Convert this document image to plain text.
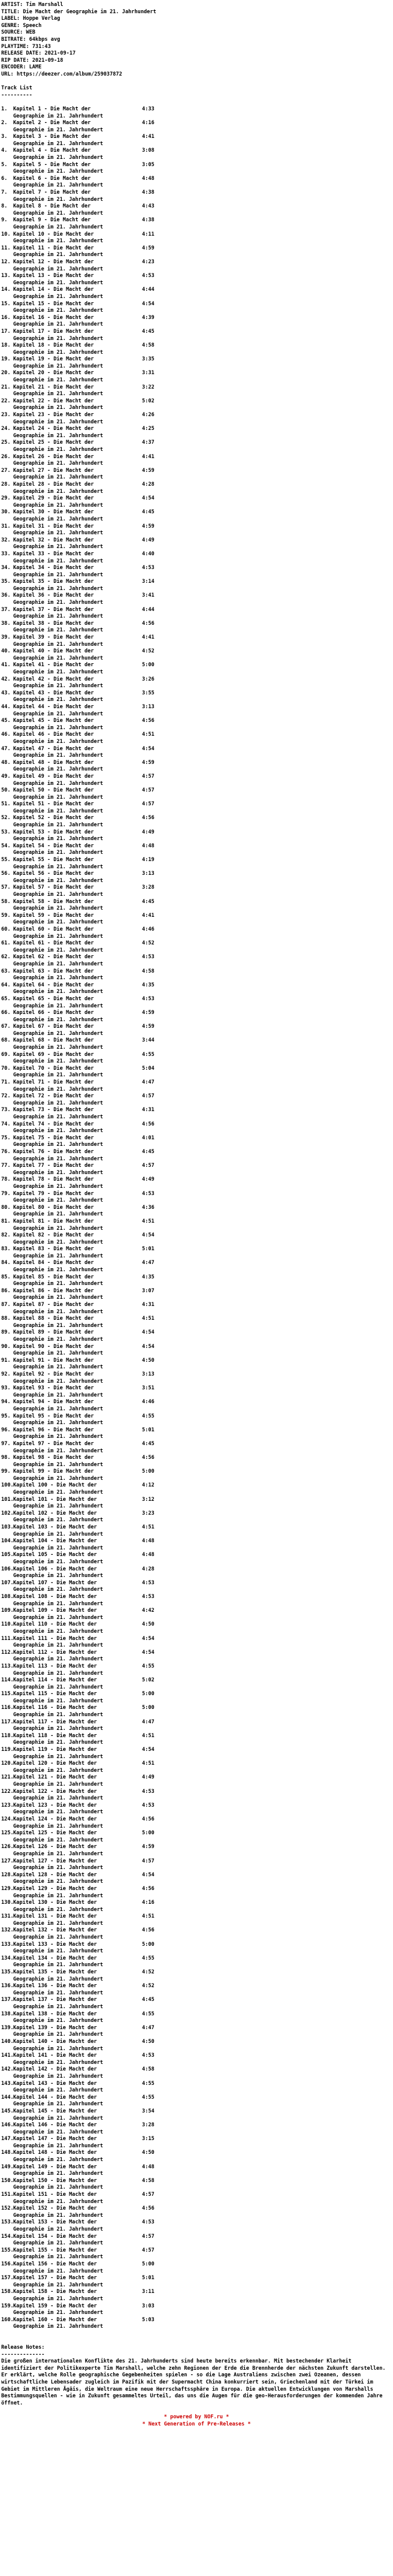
ARTIST: Tim Marshall
TITLE: Die Macht der Geographie im 21. Jahrhundert
LABEL: Hoppe Verlag
GENRE: Speech
SOURCE: WEB
BITRATE: 64kbps avg
PLAYTIME: 731:43
RELEASE DATE: 2021-09-17
RIP DATE: 2021-09-18
ENCODER: LAME
URL: https://deezer.com/album/259037872
Track List
----------
1. Kapitel 1 - Die Macht der Geographie im 21. Jahrhundert
4:33
2. Kapitel 2 - Die Macht der Geographie im 21. Jahrhundert
4:16
3. Kapitel 3 - Die Macht der Geographie im 21. Jahrhundert
4:41
4. Kapitel 4 - Die Macht der Geographie im 21. Jahrhundert
3:08
5. Kapitel 5 - Die Macht der Geographie im 21. Jahrhundert
3:05
6. Kapitel 6 - Die Macht der Geographie im 21. Jahrhundert
4:48
7. Kapitel 7 - Die Macht der Geographie im 21. Jahrhundert
4:38
8. Kapitel 8 - Die Macht der Geographie im 21. Jahrhundert
4:43
9. Kapitel 9 - Die Macht der Geographie im 21. Jahrhundert
4:38
10. Kapitel 10 - Die Macht der Geographie im 21. Jahrhundert
4:11
11. Kapitel 11 - Die Macht der Geographie im 21. Jahrhundert
4:59
12. Kapitel 12 - Die Macht der Geographie im 21. Jahrhundert
4:23
13. Kapitel 13 - Die Macht der Geographie im 21. Jahrhundert
4:53
14. Kapitel 14 - Die Macht der Geographie im 21. Jahrhundert
4:44
15. Kapitel 15 - Die Macht der Geographie im 21. Jahrhundert
4:54
16. Kapitel 16 - Die Macht der Geographie im 21. Jahrhundert
4:39
17. Kapitel 17 - Die Macht der Geographie im 21. Jahrhundert
4:45
18. Kapitel 18 - Die Macht der Geographie im 21. Jahrhundert
4:58
19. Kapitel 19 - Die Macht der Geographie im 21. Jahrhundert
3:35
20. Kapitel 20 - Die Macht der Geographie im 21. Jahrhundert
3:31
21. Kapitel 21 - Die Macht der Geographie im 21. Jahrhundert
3:22
22. Kapitel 22 - Die Macht der Geographie im 21. Jahrhundert
5:02
23. Kapitel 23 - Die Macht der Geographie im 21. Jahrhundert
4:26
24. Kapitel 24 - Die Macht der Geographie im 21. Jahrhundert
4:25
25. Kapitel 25 - Die Macht der Geographie im 21. Jahrhundert
4:37
26. Kapitel 26 - Die Macht der Geographie im 21. Jahrhundert
4:41
27. Kapitel 27 - Die Macht der Geographie im 21. Jahrhundert
4:59
28. Kapitel 28 - Die Macht der Geographie im 21. Jahrhundert
4:28
29. Kapitel 29 - Die Macht der Geographie im 21. Jahrhundert
4:54
30. Kapitel 30 - Die Macht der Geographie im 21. Jahrhundert
4:45
31. Kapitel 31 - Die Macht der Geographie im 21. Jahrhundert
4:59
32. Kapitel 32 - Die Macht der Geographie im 21. Jahrhundert
4:49
33. Kapitel 33 - Die Macht der Geographie im 21. Jahrhundert
4:40
34. Kapitel 34 - Die Macht der Geographie im 21. Jahrhundert
4:53
35. Kapitel 35 - Die Macht der Geographie im 21. Jahrhundert
3:14
36. Kapitel 36 - Die Macht der Geographie im 21. Jahrhundert
3:41
37. Kapitel 37 - Die Macht der Geographie im 21. Jahrhundert
4:44
38. Kapitel 38 - Die Macht der Geographie im 21. Jahrhundert
4:56
39. Kapitel 39 - Die Macht der Geographie im 21. Jahrhundert
4:41
40. Kapitel 40 - Die Macht der Geographie im 21. Jahrhundert
4:52
41. Kapitel 41 - Die Macht der Geographie im 21. Jahrhundert
5:00
42. Kapitel 42 - Die Macht der Geographie im 21. Jahrhundert
3:26
43. Kapitel 43 - Die Macht der Geographie im 21. Jahrhundert
3:55
44. Kapitel 44 - Die Macht der Geographie im 21. Jahrhundert
3:13
45. Kapitel 45 - Die Macht der Geographie im 21. Jahrhundert
4:56
46. Kapitel 46 - Die Macht der Geographie im 21. Jahrhundert
4:51
47. Kapitel 47 - Die Macht der Geographie im 21. Jahrhundert
4:54
48. Kapitel 48 - Die Macht der Geographie im 21. Jahrhundert
4:59
49. Kapitel 49 - Die Macht der Geographie im 21. Jahrhundert
4:57
50. Kapitel 50 - Die Macht der Geographie im 21. Jahrhundert
4:57
51. Kapitel 51 - Die Macht der Geographie im 21. Jahrhundert
4:57
52. Kapitel 52 - Die Macht der Geographie im 21. Jahrhundert
4:56
53. Kapitel 53 - Die Macht der Geographie im 21. Jahrhundert
4:49
54. Kapitel 54 - Die Macht der Geographie im 21. Jahrhundert
4:48
55. Kapitel 55 - Die Macht der Geographie im 21. Jahrhundert
4:19
56. Kapitel 56 - Die Macht der Geographie im 21. Jahrhundert
3:13
57. Kapitel 57 - Die Macht der Geographie im 21. Jahrhundert
3:28
58. Kapitel 58 - Die Macht der Geographie im 21. Jahrhundert
4:45
59. Kapitel 59 - Die Macht der Geographie im 21. Jahrhundert
4:41
60. Kapitel 60 - Die Macht der Geographie im 21. Jahrhundert
4:46
61. Kapitel 61 - Die Macht der Geographie im 21. Jahrhundert
4:52
62. Kapitel 62 - Die Macht der Geographie im 21. Jahrhundert
4:53
63. Kapitel 63 - Die Macht der Geographie im 21. Jahrhundert
4:58
64. Kapitel 64 - Die Macht der Geographie im 21. Jahrhundert
4:35
65. Kapitel 65 - Die Macht der Geographie im 21. Jahrhundert
4:53
66. Kapitel 66 - Die Macht der Geographie im 21. Jahrhundert
4:59
67. Kapitel 67 - Die Macht der Geographie im 21. Jahrhundert
4:59
68. Kapitel 68 - Die Macht der Geographie im 21. Jahrhundert
3:44
69. Kapitel 69 - Die Macht der Geographie im 21. Jahrhundert
4:55
70. Kapitel 70 - Die Macht der Geographie im 21. Jahrhundert
5:04
71. Kapitel 71 - Die Macht der Geographie im 21. Jahrhundert
4:47
72. Kapitel 72 - Die Macht der Geographie im 21. Jahrhundert
4:57
73. Kapitel 73 - Die Macht der Geographie im 21. Jahrhundert
4:31
74. Kapitel 74 - Die Macht der Geographie im 21. Jahrhundert
4:56
75. Kapitel 75 - Die Macht der Geographie im 21. Jahrhundert
4:01
76. Kapitel 76 - Die Macht der Geographie im 21. Jahrhundert
4:45
77. Kapitel 77 - Die Macht der Geographie im 21. Jahrhundert
4:57
78. Kapitel 78 - Die Macht der Geographie im 21. Jahrhundert
4:49
79. Kapitel 79 - Die Macht der Geographie im 21. Jahrhundert
4:53
80. Kapitel 80 - Die Macht der Geographie im 21. Jahrhundert
4:36
81. Kapitel 81 - Die Macht der Geographie im 21. Jahrhundert
4:51
82. Kapitel 82 - Die Macht der Geographie im 21. Jahrhundert
4:54
83. Kapitel 83 - Die Macht der Geographie im 21. Jahrhundert
5:01
84. Kapitel 84 - Die Macht der Geographie im 21. Jahrhundert
4:47
85. Kapitel 85 - Die Macht der Geographie im 21. Jahrhundert
4:35
86. Kapitel 86 - Die Macht der Geographie im 21. Jahrhundert
3:07
87. Kapitel 87 - Die Macht der Geographie im 21. Jahrhundert
4:31
88. Kapitel 88 - Die Macht der Geographie im 21. Jahrhundert
4:51
89. Kapitel 89 - Die Macht der Geographie im 21. Jahrhundert
4:54
90. Kapitel 90 - Die Macht der Geographie im 21. Jahrhundert
4:54
91. Kapitel 91 - Die Macht der Geographie im 21. Jahrhundert
4:50
92. Kapitel 92 - Die Macht der Geographie im 21. Jahrhundert
3:13
93. Kapitel 93 - Die Macht der Geographie im 21. Jahrhundert
3:51
94. Kapitel 94 - Die Macht der Geographie im 21. Jahrhundert
4:46
95. Kapitel 95 - Die Macht der Geographie im 21. Jahrhundert
4:55
96. Kapitel 96 - Die Macht der Geographie im 21. Jahrhundert
5:01
97. Kapitel 97 - Die Macht der Geographie im 21. Jahrhundert
4:45
98. Kapitel 98 - Die Macht der Geographie im 21. Jahrhundert
4:56
99. Kapitel 99 - Die Macht der Geographie im 21. Jahrhundert
5:00
100. Kapitel 100 - Die Macht der Geographie im 21. Jahrhundert
4:12
101. Kapitel 101 - Die Macht der Geographie im 21. Jahrhundert
3:12
102. Kapitel 102 - Die Macht der Geographie im 21. Jahrhundert
3:23
103. Kapitel 103 - Die Macht der Geographie im 21. Jahrhundert
4:51
104. Kapitel 104 - Die Macht der Geographie im 21. Jahrhundert
4:48
105. Kapitel 105 - Die Macht der Geographie im 21. Jahrhundert
4:48
106. Kapitel 106 - Die Macht der Geographie im 21. Jahrhundert
4:28
107. Kapitel 107 - Die Macht der Geographie im 21. Jahrhundert
4:53
108. Kapitel 108 - Die Macht der Geographie im 21. Jahrhundert
4:53
109. Kapitel 109 - Die Macht der Geographie im 21. Jahrhundert
4:42
110. Kapitel 110 - Die Macht der Geographie im 21. Jahrhundert
4:50
111. Kapitel 111 - Die Macht der Geographie im 21. Jahrhundert
4:54
112. Kapitel 112 - Die Macht der Geographie im 21. Jahrhundert
4:54
113. Kapitel 113 - Die Macht der Geographie im 21. Jahrhundert
4:55
114. Kapitel 114 - Die Macht der Geographie im 21. Jahrhundert
5:02
115. Kapitel 115 - Die Macht der Geographie im 21. Jahrhundert
5:00
116. Kapitel 116 - Die Macht der Geographie im 21. Jahrhundert
5:00
117. Kapitel 117 - Die Macht der Geographie im 21. Jahrhundert
4:47
118. Kapitel 118 - Die Macht der Geographie im 21. Jahrhundert
4:51
119. Kapitel 119 - Die Macht der Geographie im 21. Jahrhundert
4:54
120. Kapitel 120 - Die Macht der Geographie im 21. Jahrhundert
4:51
121. Kapitel 121 - Die Macht der Geographie im 21. Jahrhundert
4:49
122. Kapitel 122 - Die Macht der Geographie im 21. Jahrhundert
4:53
123. Kapitel 123 - Die Macht der Geographie im 21. Jahrhundert
4:53
124. Kapitel 124 - Die Macht der Geographie im 21. Jahrhundert
4:56
125. Kapitel 125 - Die Macht der Geographie im 21. Jahrhundert
5:00
126. Kapitel 126 - Die Macht der Geographie im 21. Jahrhundert
4:59
127. Kapitel 127 - Die Macht der Geographie im 21. Jahrhundert
4:57
128. Kapitel 128 - Die Macht der Geographie im 21. Jahrhundert
4:54
129. Kapitel 129 - Die Macht der Geographie im 21. Jahrhundert
4:56
130. Kapitel 130 - Die Macht der Geographie im 21. Jahrhundert
4:16
131. Kapitel 131 - Die Macht der Geographie im 21. Jahrhundert
4:51
132. Kapitel 132 - Die Macht der Geographie im 21. Jahrhundert
4:56
133. Kapitel 133 - Die Macht der Geographie im 21. Jahrhundert
5:00
134. Kapitel 134 - Die Macht der Geographie im 21. Jahrhundert
4:55
135. Kapitel 135 - Die Macht der Geographie im 21. Jahrhundert
4:52
136. Kapitel 136 - Die Macht der Geographie im 21. Jahrhundert
4:52
137. Kapitel 137 - Die Macht der Geographie im 21. Jahrhundert
4:45
138. Kapitel 138 - Die Macht der Geographie im 21. Jahrhundert
4:55
139. Kapitel 139 - Die Macht der Geographie im 21. Jahrhundert
4:47
140. Kapitel 140 - Die Macht der Geographie im 21. Jahrhundert
4:50
141. Kapitel 141 - Die Macht der Geographie im 21. Jahrhundert
4:53
142. Kapitel 142 - Die Macht der Geographie im 21. Jahrhundert
4:58
143. Kapitel 143 - Die Macht der Geographie im 21. Jahrhundert
4:55
144. Kapitel 144 - Die Macht der Geographie im 21. Jahrhundert
4:55
145. Kapitel 145 - Die Macht der Geographie im 21. Jahrhundert
3:54
146. Kapitel 146 - Die Macht der Geographie im 21. Jahrhundert
3:28
147. Kapitel 147 - Die Macht der Geographie im 21. Jahrhundert
3:15
148. Kapitel 148 - Die Macht der Geographie im 21. Jahrhundert
4:50
149. Kapitel 149 - Die Macht der Geographie im 21. Jahrhundert
4:48
150. Kapitel 150 - Die Macht der Geographie im 21. Jahrhundert
4:58
151. Kapitel 151 - Die Macht der Geographie im 21. Jahrhundert
4:57
152. Kapitel 152 - Die Macht der Geographie im 21. Jahrhundert
4:56
153. Kapitel 153 - Die Macht der Geographie im 21. Jahrhundert
4:53
154. Kapitel 154 - Die Macht der Geographie im 21. Jahrhundert
4:57
155. Kapitel 155 - Die Macht der Geographie im 21. Jahrhundert
4:57
156. Kapitel 156 - Die Macht der Geographie im 21. Jahrhundert
5:00
157. Kapitel 157 - Die Macht der Geographie im 21. Jahrhundert
5:01
158. Kapitel 158 - Die Macht der Geographie im 21. Jahrhundert
3:11
159. Kapitel 159 - Die Macht der Geographie im 21. Jahrhundert
3:03
160. Kapitel 160 - Die Macht der Geographie im 21. Jahrhundert
5:03
Release Notes:
--------------
Die großen internationalen Konflikte des 21. Jahrhunderts sind heute bereits erkennbar. Mit bestechender Klarheit identifiziert der Politikexperte Tim Marshall, welche zehn Regionen der Erde die Brennherde der nächsten Zukunft darstellen. Er erklärt, welche Rolle geographische Gegebenheiten spielen - so die Lage Australiens zwischen zwei Ozeanen, dessen wirtschaftliche Lebensader zugleich im Pazifik mit der Supermacht China konkurriert sein, Griechenland mit der Türkei im Gebiet im Mittleren Ägäis, die Weltraum eine neue Herrschaftssphäre in Europa. Die aktuellen Entwicklungen von Marshalls Bestimmungsquellen - wie in Zukunft gesammeltes Urteil, das uns die Augen für die geo-Herausforderungen der kommenden Jahre öffnet.
* powered by NOF.ru *
* Next Generation of Pre-Releases *
